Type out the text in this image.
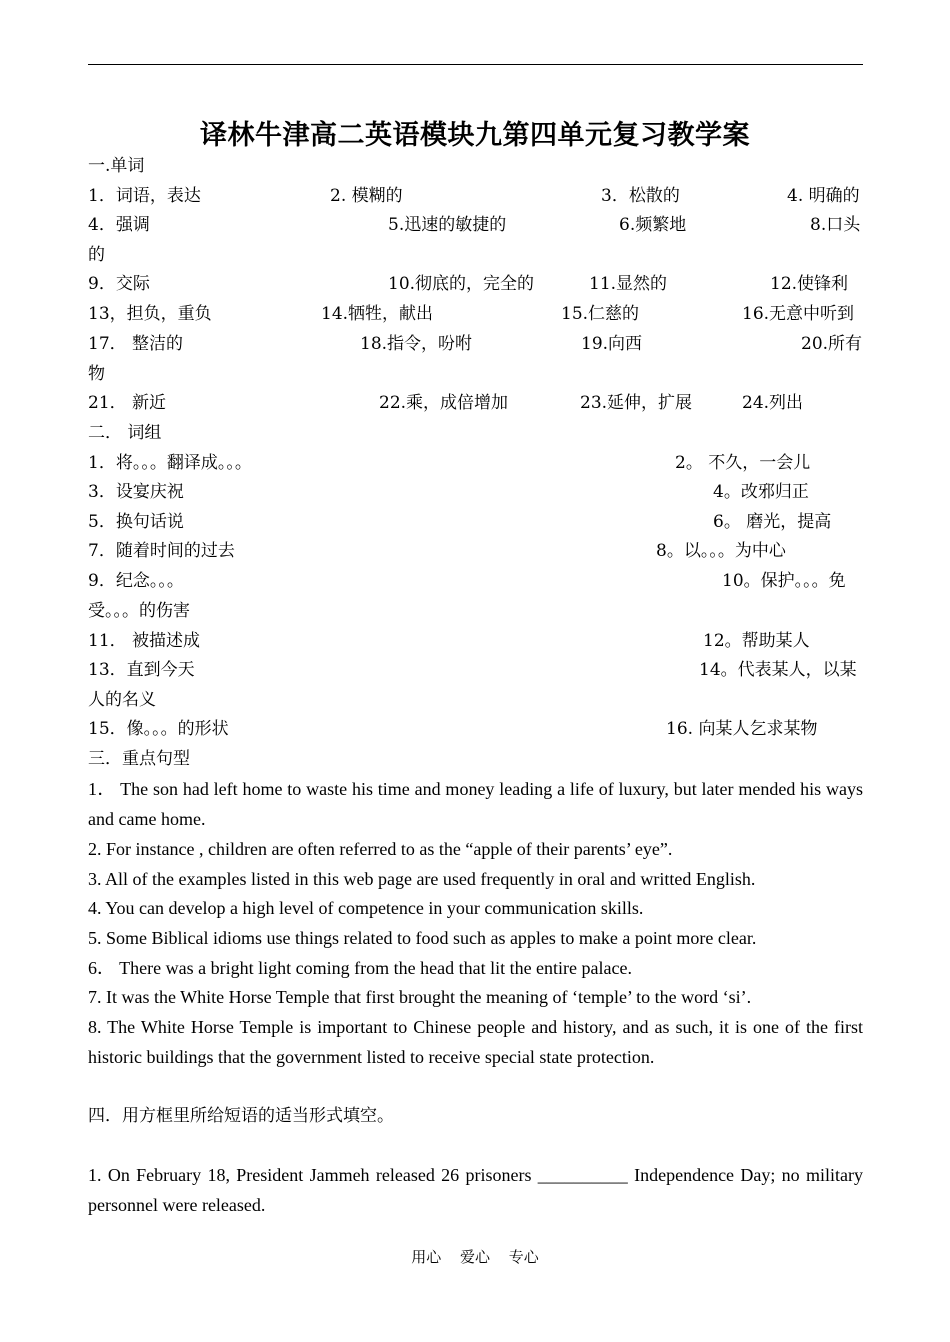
译林牛津高二英语模块九第四单元复习教学案
一.单词
1．词语，表达	2. 模糊的	3．松散的	4. 明确的
4．强调	5.迅速的敏捷的	6.频繁地	8.口头
的
9．交际	10.彻底的，完全的	11.显然的	12.使锋利
13，担负，重负	14.牺牲，献出	15.仁慈的	16.无意中听到
17． 整洁的	18.指令，吩咐	19.向西	20.所有
物
21． 新近	22.乘，成倍增加	23.延伸，扩展	24.列出
二． 词组
1．将。。。翻译成。。。	2。 不久，一会儿
3．设宴庆祝	4。改邪归正
5．换句话说	6。 磨光，提高
7．随着时间的过去	8。以。。。为中心
9．纪念。。。	10。保护。。。免
受。。。的伤害
11． 被描述成	12。帮助某人
13．直到今天	14。代表某人，以某
人的名义
15．像。。。的形状	16. 向某人乞求某物
三．重点句型
1． The son had left home to waste his time and money leading a life of luxury, but later mended his ways and came home.
2. For instance , children are often referred to as the “apple of their parents’ eye”.
3. All of the examples listed in this web page are used frequently in oral and writted English.
4. You can develop a high level of competence in your communication skills.
5. Some Biblical idioms use things related to food such as apples to make a point more clear.
6． There was a bright light coming from the head that lit the entire palace.
7. It was the White Horse Temple that first brought the meaning of ‘temple’ to the word ‘si’.
8. The White Horse Temple is important to Chinese people and history, and as such, it is one of the first historic buildings that the government listed to receive special state protection.
四．用方框里所给短语的适当形式填空。
1. On February 18, President Jammeh released 26 prisoners __________ Independence Day; no military personnel were released.
用心 爱心 专心
